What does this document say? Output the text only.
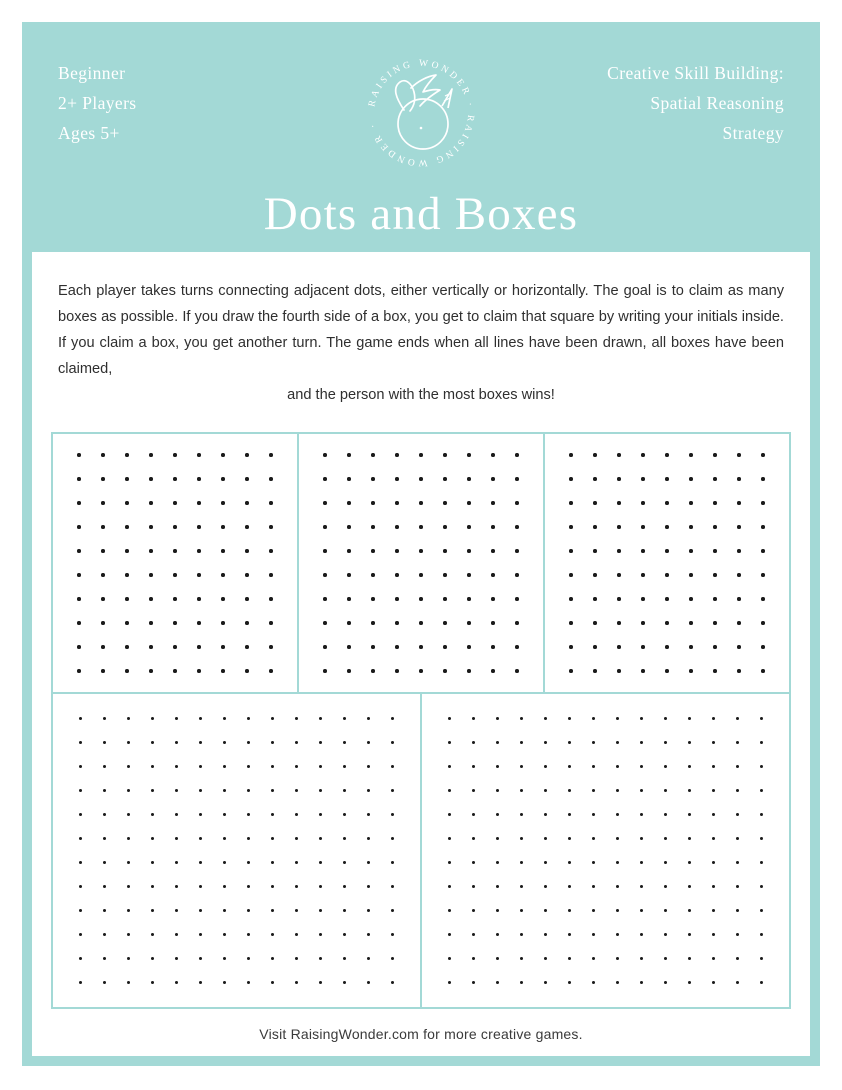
Beginner
2+ Players
Ages 5+
Creative Skill Building:
Spatial Reasoning
Strategy
RAISING WONDER · RAISING WONDER ·
Dots and Boxes

Each player takes turns connecting adjacent dots, either vertically or horizontally. The goal is to claim as many boxes as possible. If you draw the fourth side of a box, you get to claim that square by writing your initials inside. If you claim a box, you get another turn. The game ends when all lines have been drawn, all boxes have been claimed,
and the person with the most boxes wins!

Visit RaisingWonder.com for more creative games.
